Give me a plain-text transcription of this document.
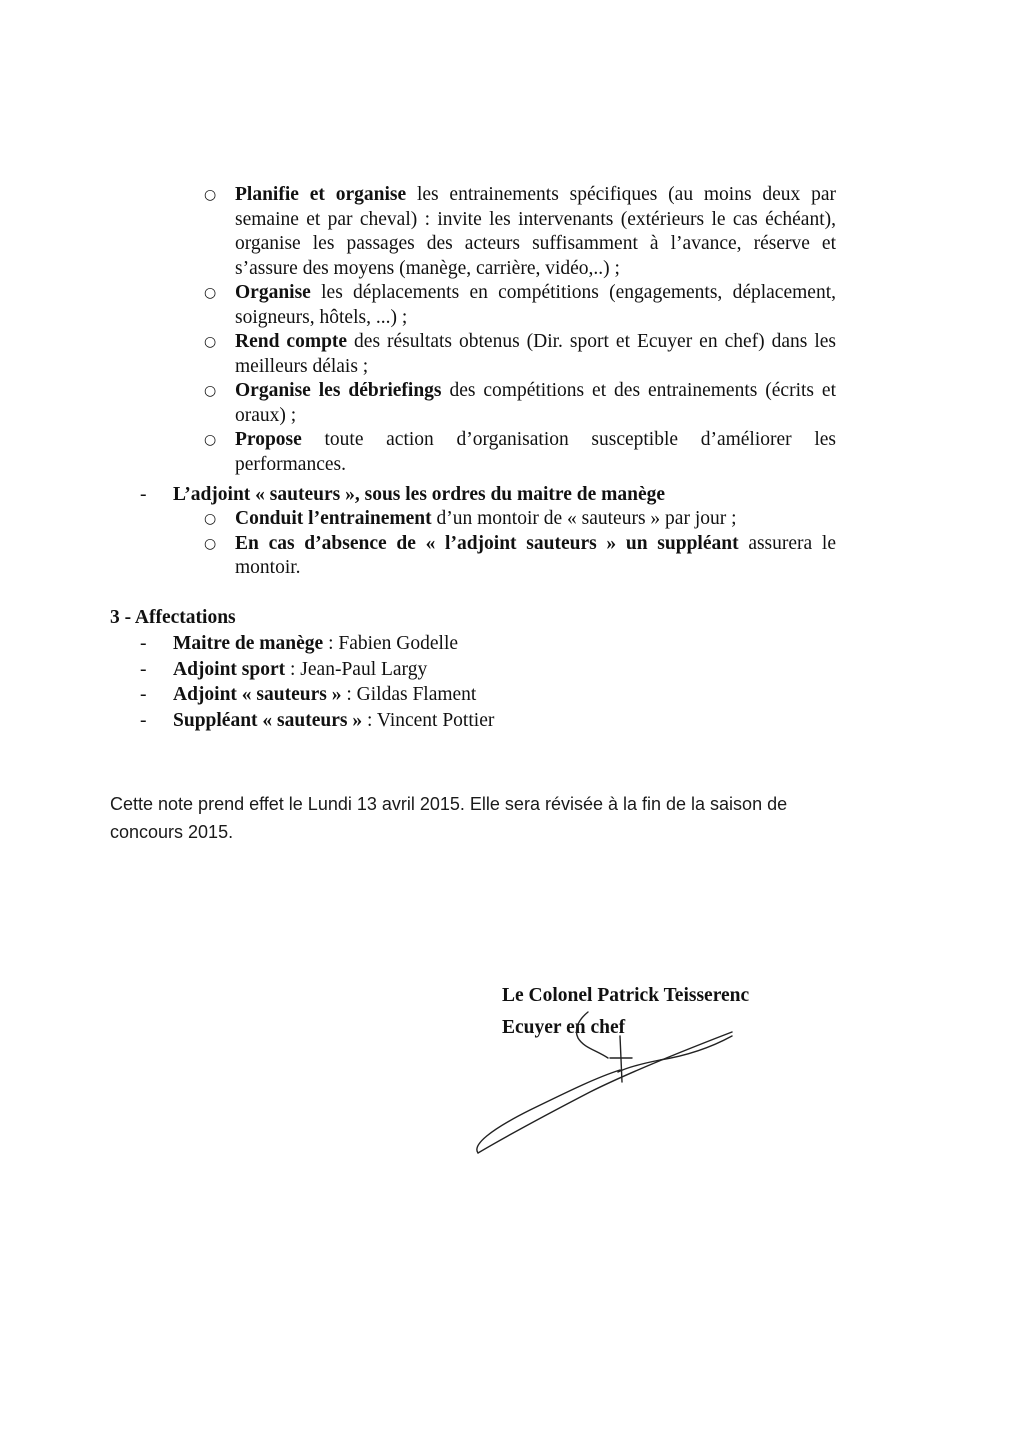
○ Planifie et organise les entrainements spécifiques (au moins deux par semaine et par cheval) : invite les intervenants (extérieurs le cas échéant), organise les passages des acteurs suffisamment à l’avance, réserve et s’assure des moyens (manège, carrière, vidéo,..) ;
○ Organise les déplacements en compétitions (engagements, déplacement, soigneurs, hôtels, ...) ;
○ Rend compte des résultats obtenus (Dir. sport et Ecuyer en chef) dans les meilleurs délais ;
○ Organise les débriefings des compétitions et des entrainements (écrits et oraux) ;
○ Propose toute action d’organisation susceptible d’améliorer les performances.
- L’adjoint « sauteurs », sous les ordres du maitre de manège
○ Conduit l’entrainement d’un montoir de « sauteurs » par jour ;
○ En cas d’absence de « l’adjoint sauteurs » un suppléant assurera le montoir.
3 - Affectations
- Maitre de manège : Fabien Godelle
- Adjoint sport : Jean-Paul Largy
- Adjoint « sauteurs » : Gildas Flament
- Suppléant « sauteurs » : Vincent Pottier
Cette note prend effet le Lundi 13 avril 2015. Elle sera révisée à la fin de la saison de concours 2015.
Le Colonel Patrick Teisserenc
Ecuyer en chef
